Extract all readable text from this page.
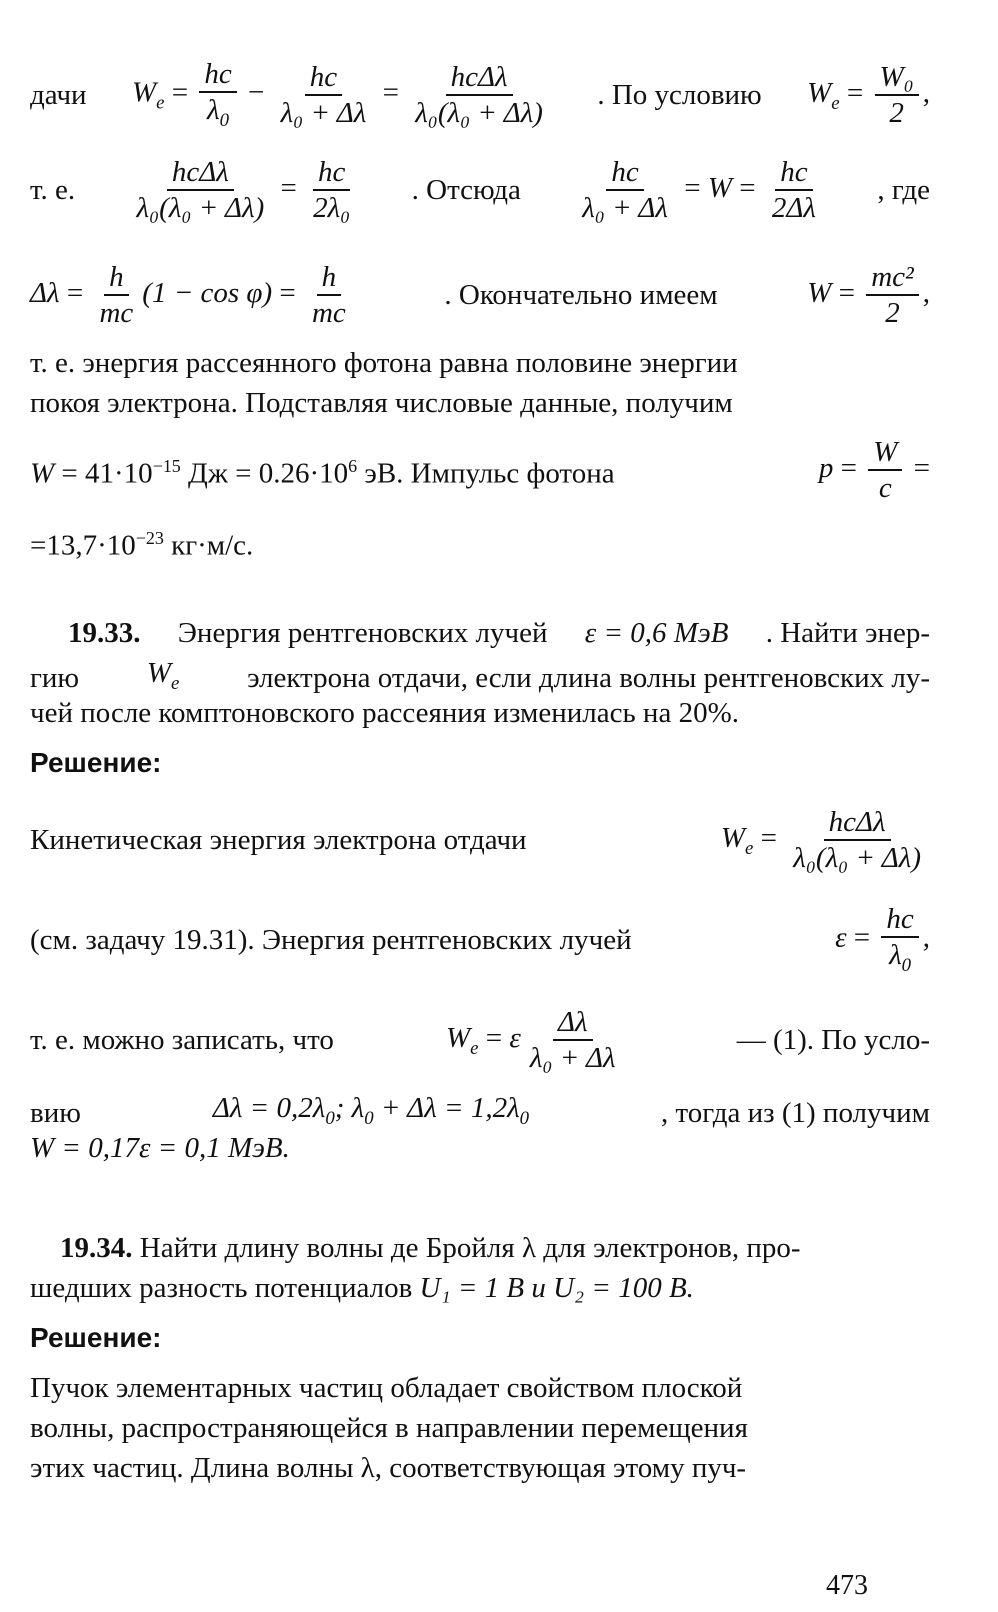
дачи $W_e = \frac{hc}{\lambda_0} - \frac{hc}{\text{λ₀ + Δλ}} = \frac{\text{hcΔλ}}{\text{λ₀(λ₀ + Δλ)}}$ . По условию $W_e = \frac{\text{W₀}}{2}$ ,
т. е. $\frac{\text{hcΔλ}}{\text{λ₀(λ₀ + Δλ)}} = \frac{hc}{\text{2λ₀}}$ . Отсюда $\frac{hc}{\text{λ₀ + Δλ}} = W = \frac{hc}{2\Delta\lambda}$ , где
$\Delta\lambda = \frac{h}{mc} (1 - \cos \varphi) = \frac{h}{mc}$	. Окончательно имеем	$W = \frac{\text{mc²}}{2}$ ,
т. е. энергия рассеянного фотона равна половине энергии
покоя электрона. Подставляя числовые данные, получим
$W = 41\cdot 10^{-15}$ Дж = $0.26\cdot 10^6$ эВ. Импульс фотона	$p = \frac{W}{c}$ =
$=13,7\cdot 10^{-23}$ кг·м/с.
19.33. Энергия рентгеновских лучей ε = 0,6 МэВ . Найти энер-
гию $W_e$ электрона отдачи, если длина волны рентгеновских лу-
чей после комптоновского рассеяния изменилась на 20%.
Решение:
Кинетическая энергия электрона отдачи	$W_e = \frac{\text{hcΔλ}}{\text{λ₀(λ₀ + Δλ)}}$
(см. задачу 19.31). Энергия рентгеновских лучей	$\varepsilon = \frac{hc}{\lambda_0}$ ,
т. е. можно записать, что	$W_e = \varepsilon \frac{\Delta\lambda}{\text{λ₀ + Δλ}}$	— (1). По усло-
вию	$\Delta\lambda = 0,2\lambda_0$; $\lambda_0 + \Delta\lambda = 1,2\lambda_0$	, тогда из (1) получим
W = 0,17ε = 0,1 МэВ.
19.34. Найти длину волны де Бройля λ для электронов, про-
шедших разность потенциалов U₁ = 1 В и U₂ = 100 В.
Решение:
Пучок элементарных частиц обладает свойством плоской
волны, распространяющейся в направлении перемещения
этих частиц. Длина волны λ, соответствующая этому пуч-
473
